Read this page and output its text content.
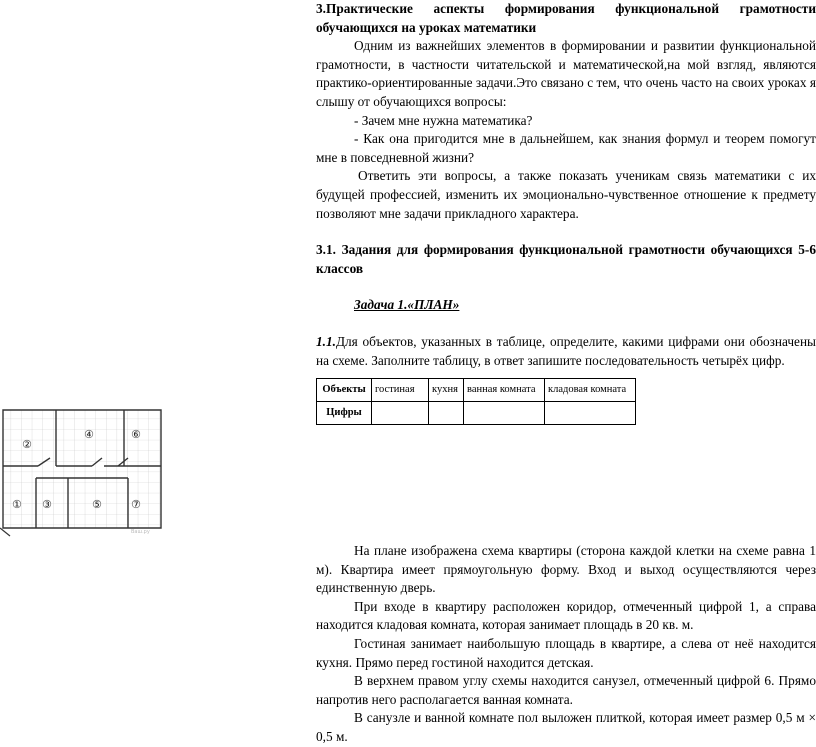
3.Практические аспекты формирования функциональной грамотности обучающихся на уроках математики

Одним из важнейших элементов в формировании и развитии функциональной грамотности, в частности читательской и математической,на мой взгляд, являются практико-ориентированные задачи.Это связано с тем, что очень часто на своих уроках я слышу от обучающихся вопросы:

- Зачем мне нужна математика?

- Как она пригодится мне в дальнейшем, как знания формул и теорем помогут мне в повседневной жизни?

Ответить эти вопросы, а также показать ученикам связь математики с их будущей профессией, изменить их эмоционально-чувственное отношение к предмету позволяют мне задачи прикладного характера.

3.1. Задания для формирования функциональной грамотности обучающихся 5-6 классов

Задача 1.«ПЛАН»

1.1.Для объектов, указанных в таблице, определите, какими цифрами они обозначены на схеме. Заполните таблицу, в ответ запишите последовательность четырёх цифр.

Объекты	гостиная	кухня	ванная комната	кладовая комната
Цифры				
②
④	⑥
① ③	⑤	⑦
Ваш.ру

На плане изображена схема квартиры (сторона каждой клетки на схеме равна 1 м). Квартира имеет прямоугольную форму. Вход и выход осуществляются через единственную дверь.

При входе в квартиру расположен коридор, отмеченный цифрой 1, а справа находится кладовая комната, которая занимает площадь в 20 кв. м.

Гостиная занимает наибольшую площадь в квартире, а слева от неё находится кухня. Прямо перед гостиной находится детская.

В верхнем правом углу схемы находится санузел, отмеченный цифрой 6. Прямо напротив него располагается ванная комната.

В санузле и ванной комнате пол выложен плиткой, которая имеет размер 0,5 м × 0,5 м.
